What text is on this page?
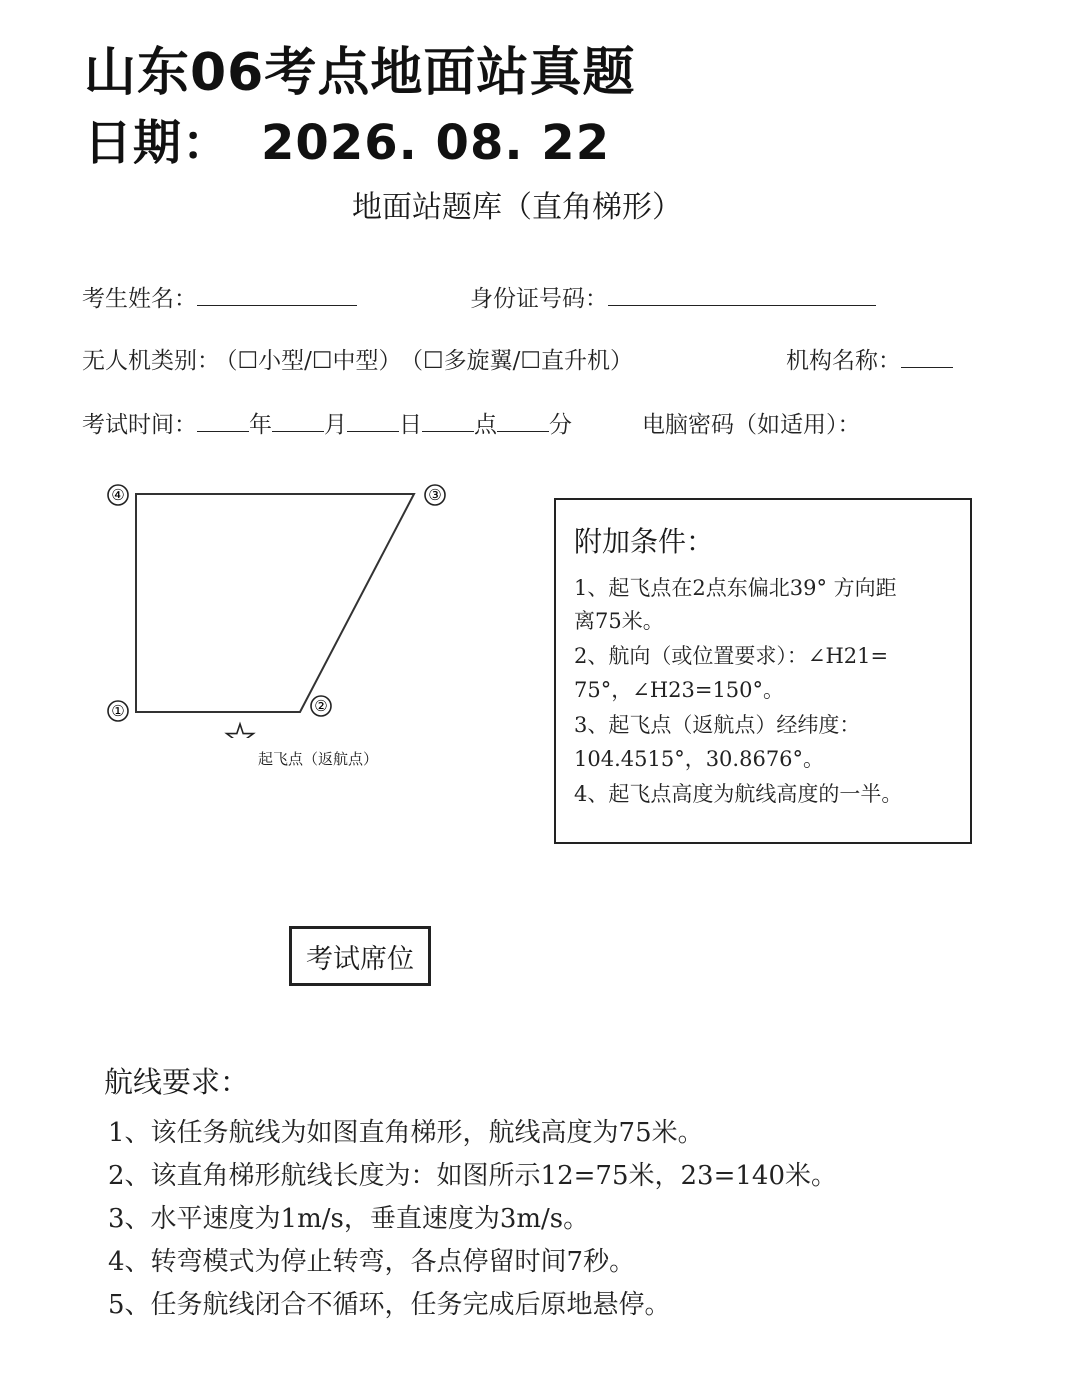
山东06考点地面站真题
日期： 2026. 08. 22
地面站题库（直角梯形）
考生姓名：	身份证号码：
无人机类别： （☐小型/☐中型） （☐多旋翼/☐直升机）	机构名称：
考试时间： 年 月 日 点 分	电脑密码（如适用）：
④	③
①	②
起飞点（返航点）
附加条件：
1、起飞点在2点东偏北39° 方向距
离75米。
2、航向（或位置要求）：∠H21=
75°，∠H23=150°。
3、起飞点（返航点）经纬度：
104.4515°，30.8676°。
4、起飞点高度为航线高度的一半。
考试席位
航线要求：
1、该任务航线为如图直角梯形，航线高度为75米。
2、该直角梯形航线长度为：如图所示12=75米，23=140米。
3、水平速度为1m/s，垂直速度为3m/s。
4、转弯模式为停止转弯，各点停留时间7秒。
5、任务航线闭合不循环，任务完成后原地悬停。
